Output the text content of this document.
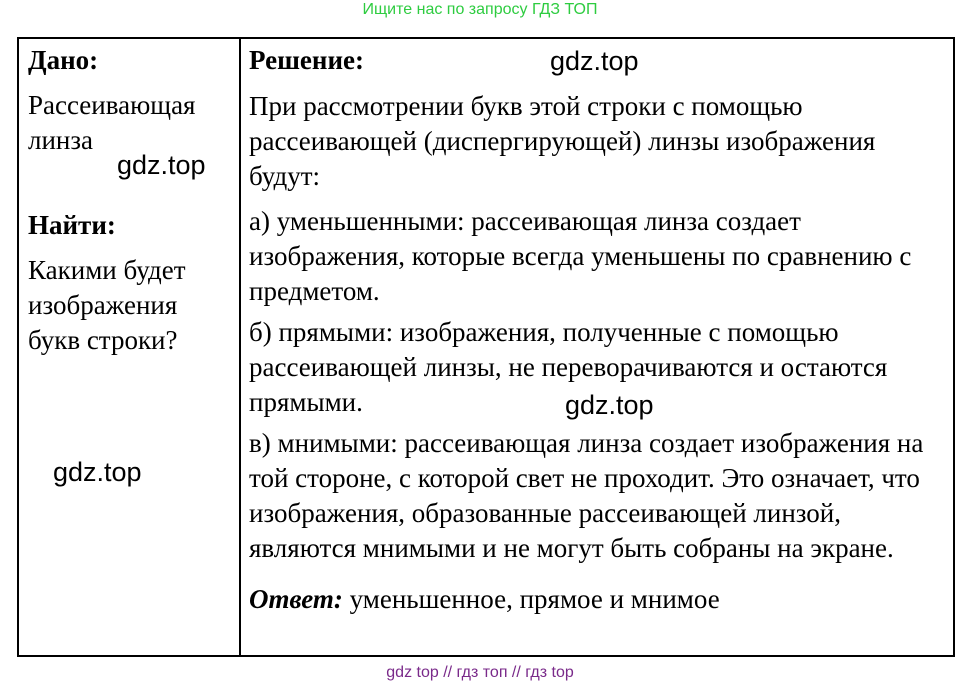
Ищите нас по запросу ГДЗ ТОП

Дано:

Рассеивающая линза

Найти:

Какими будет изображения букв строки?

Решение:

При рассмотрении букв этой строки с помощью рассеивающей (диспергирующей) линзы изображения будут:

а) уменьшенными: рассеивающая линза создает изображения, которые всегда уменьшены по сравнению с предметом.

б) прямыми: изображения, полученные с помощью рассеивающей линзы, не переворачиваются и остаются прямыми.

в) мнимыми: рассеивающая линза создает изображения на той стороне, с которой свет не проходит. Это означает, что изображения, образованные рассеивающей линзой, являются мнимыми и не могут быть собраны на экране.

Ответ: уменьшенное, прямое и мнимое

gdz.top
gdz.top
gdz.top
gdz.top
gdz top // гдз топ // гдз top
